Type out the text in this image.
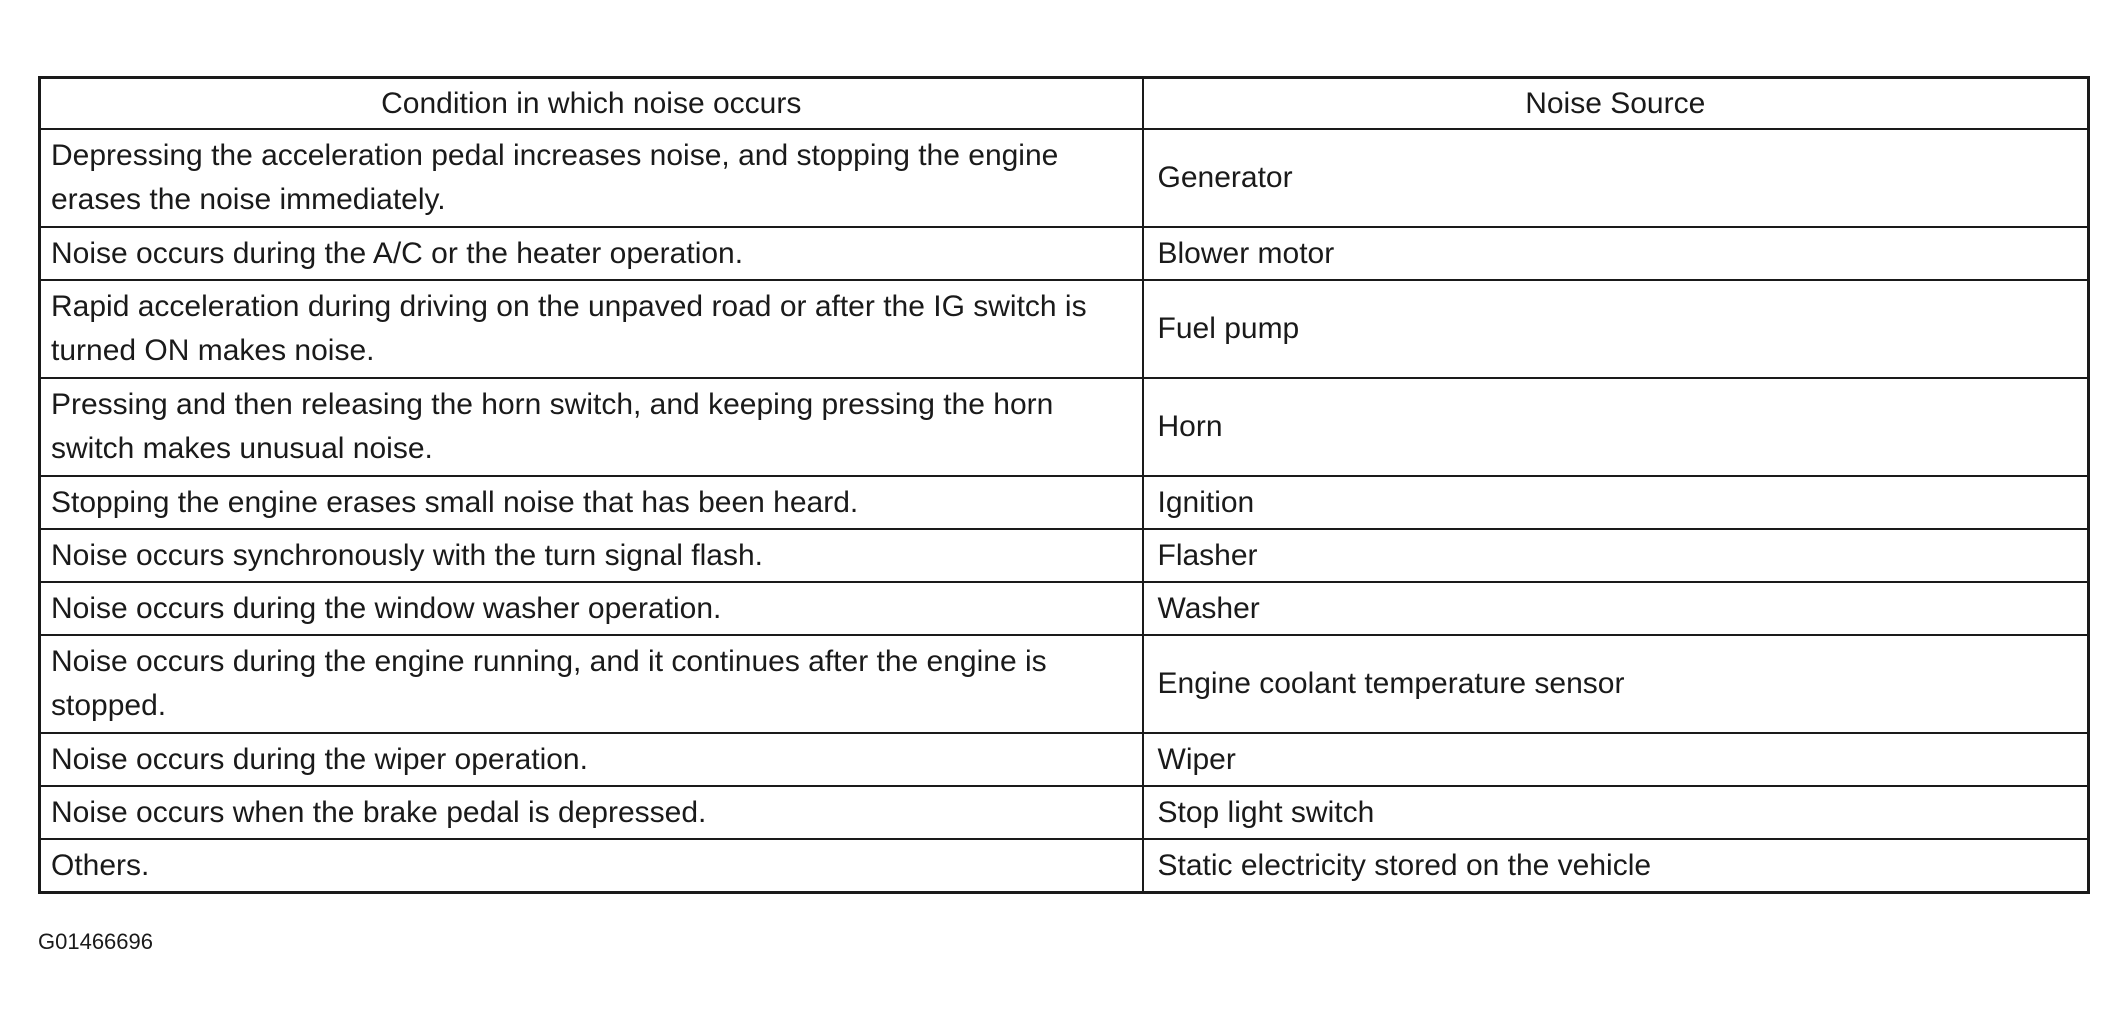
Condition in which noise occurs	Noise Source
Depressing the acceleration pedal increases noise, and stopping the engine erases the noise immediately.	Generator
Noise occurs during the A/C or the heater operation.	Blower motor
Rapid acceleration during driving on the unpaved road or after the IG switch is turned ON makes noise.	Fuel pump
Pressing and then releasing the horn switch, and keeping pressing the horn switch makes unusual noise.	Horn
Stopping the engine erases small noise that has been heard.	Ignition
Noise occurs synchronously with the turn signal flash.	Flasher
Noise occurs during the window washer operation.	Washer
Noise occurs during the engine running, and it continues after the engine is stopped.	Engine coolant temperature sensor
Noise occurs during the wiper operation.	Wiper
Noise occurs when the brake pedal is depressed.	Stop light switch
Others.	Static electricity stored on the vehicle
G01466696
